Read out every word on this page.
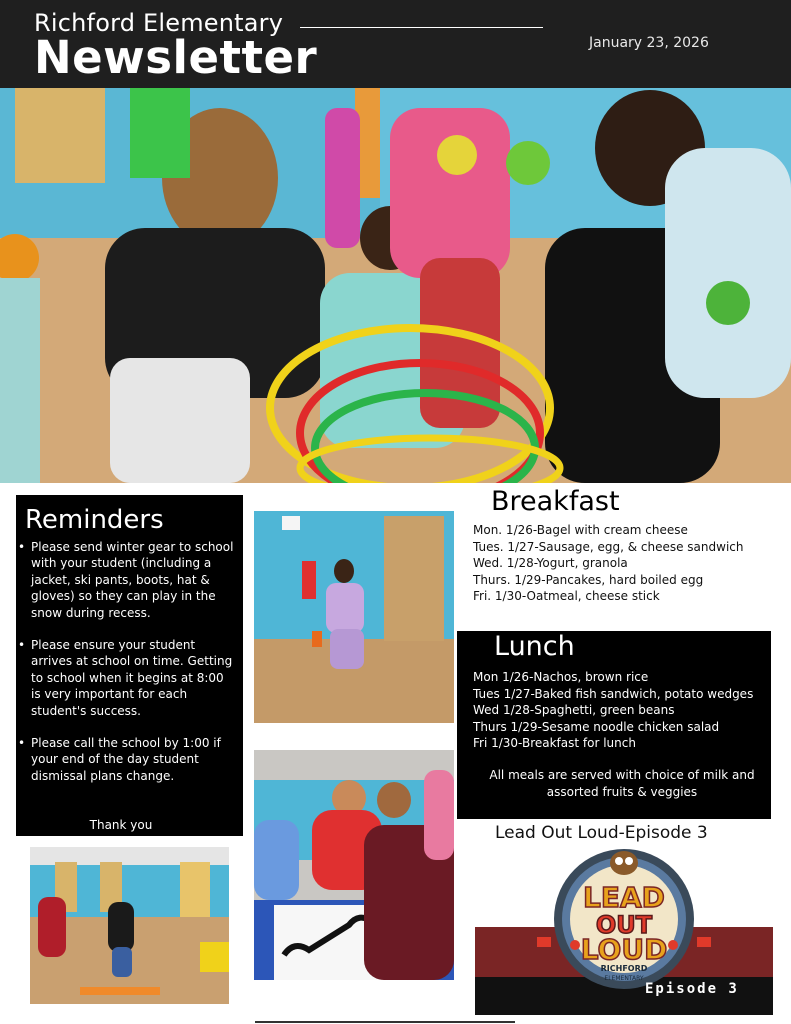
Richford Elementary
Newsletter	January 23, 2026
Reminders
• Please send winter gear to school with your student (including a jacket, ski pants, boots, hat & gloves) so they can play in the snow during recess.
• Please ensure your student arrives at school on time. Getting to school when it begins at 8:00 is very important for each student's success.
• Please call the school by 1:00 if your end of the day student dismissal plans change.
Thank you
Breakfast
Mon. 1/26-Bagel with cream cheese
Tues. 1/27-Sausage, egg, & cheese sandwich
Wed. 1/28-Yogurt, granola
Thurs. 1/29-Pancakes, hard boiled egg
Fri. 1/30-Oatmeal, cheese stick
Lunch
Mon 1/26-Nachos, brown rice
Tues 1/27-Baked fish sandwich, potato wedges
Wed 1/28-Spaghetti, green beans
Thurs 1/29-Sesame noodle chicken salad
Fri 1/30-Breakfast for lunch
All meals are served with choice of milk and assorted fruits & veggies
Lead Out Loud-Episode 3
LEAD
OUT
LOUD
RICHFORD
ELEMENTARY
Episode 3
